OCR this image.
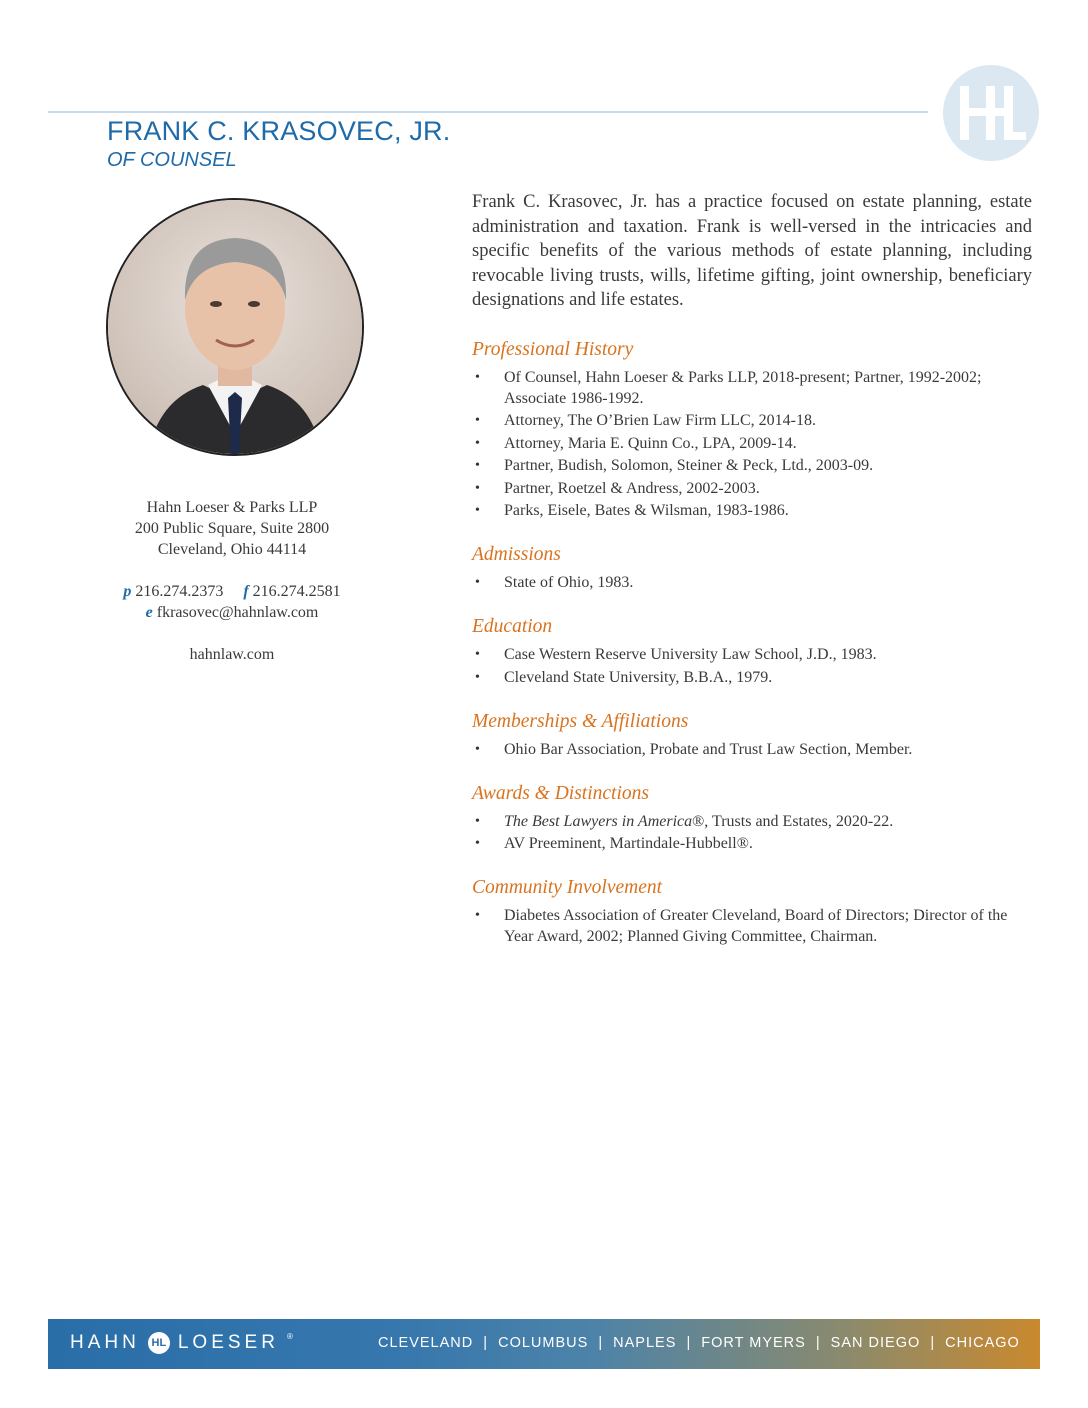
FRANK C. KRASOVEC, JR.
OF COUNSEL
Hahn Loeser & Parks LLP
200 Public Square, Suite 2800
Cleveland, Ohio 44114
p 216.274.2373 f 216.274.2581
e fkrasovec@hahnlaw.com
hahnlaw.com

Frank C. Krasovec, Jr. has a practice focused on estate planning, estate administration and taxation. Frank is well-versed in the intricacies and specific benefits of the various methods of estate planning, including revocable living trusts, wills, lifetime gifting, joint ownership, beneficiary designations and life estates.

Professional History
• Of Counsel, Hahn Loeser & Parks LLP, 2018-present; Partner, 1992-2002; Associate 1986-1992.
• Attorney, The O’Brien Law Firm LLC, 2014-18.
• Attorney, Maria E. Quinn Co., LPA, 2009-14.
• Partner, Budish, Solomon, Steiner & Peck, Ltd., 2003-09.
• Partner, Roetzel & Andress, 2002-2003.
• Parks, Eisele, Bates & Wilsman, 1983-1986.
Admissions
• State of Ohio, 1983.
Education
• Case Western Reserve University Law School, J.D., 1983.
• Cleveland State University, B.B.A., 1979.
Memberships & Affiliations
• Ohio Bar Association, Probate and Trust Law Section, Member.
Awards & Distinctions
• The Best Lawyers in America®, Trusts and Estates, 2020-22.
• AV Preeminent, Martindale-Hubbell®.
Community Involvement
• Diabetes Association of Greater Cleveland, Board of Directors; Director of the Year Award, 2002; Planned Giving Committee, Chairman.
HAHN	HL LOESER ®	CLEVELAND  |  COLUMBUS  |  NAPLES  |  FORT MYERS  |  SAN DIEGO  |  CHICAGO
